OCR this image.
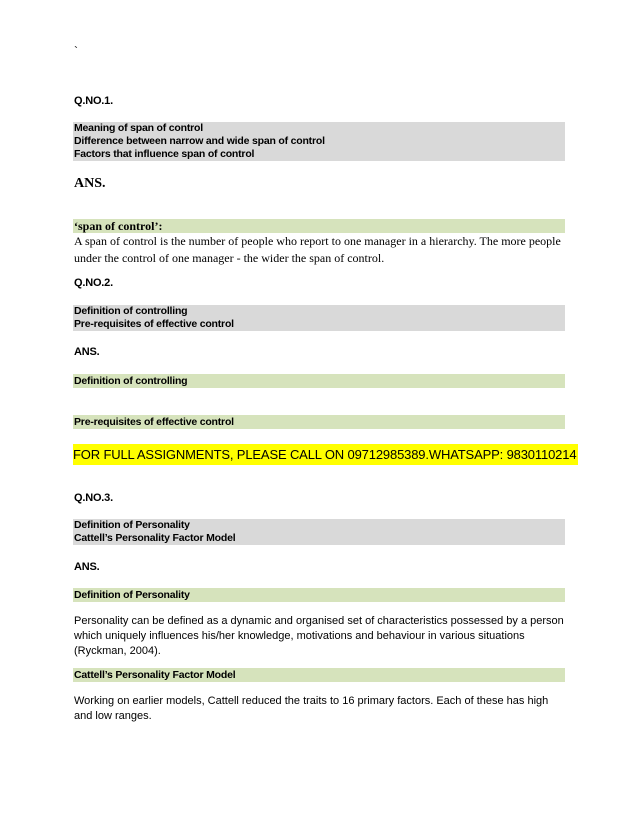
`
Q.NO.1.
Meaning of span of control
Difference between narrow and wide span of control
Factors that influence span of control
ANS.
‘span of control’:
A span of control is the number of people who report to one manager in a hierarchy. The more people under the control of one manager - the wider the span of control.
Q.NO.2.
Definition of controlling
Pre-requisites of effective control
ANS.
Definition of controlling
Pre-requisites of effective control
FOR FULL ASSIGNMENTS, PLEASE CALL ON 09712985389.WHATSAPP: 9830110214
Q.NO.3.
Definition of Personality
Cattell’s Personality Factor Model
ANS.
Definition of Personality
Personality can be defined as a dynamic and organised set of characteristics possessed by a person which uniquely influences his/her knowledge, motivations and behaviour in various situations (Ryckman, 2004).
Cattell’s Personality Factor Model
Working on earlier models, Cattell reduced the traits to 16 primary factors. Each of these has high and low ranges.
